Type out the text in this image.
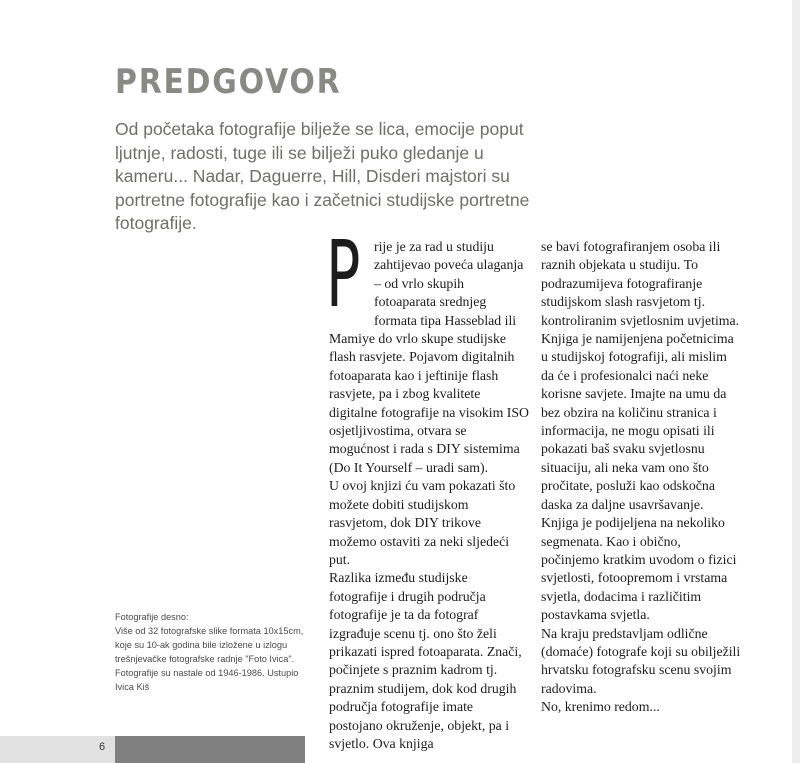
PREDGOVOR

Od početaka fotografije bilježe se lica, emocije poput ljutnje, radosti, tuge ili se bilježi puko gledanje u kameru... Nadar, Daguerre, Hill, Disderi majstori su portretne fotografije kao i začetnici studijske portretne fotografije.	Prije je za rad u studiju zahtijevao poveća ulaganja – od vrlo skupih fotoaparata srednjeg formata tipa Hasseblad ili Mamiye do vrlo skupe studijske flash rasvjete. Pojavom digitalnih fotoaparata kao i jeftinije flash rasvjete, pa i zbog kvalitete digitalne fotografije na visokim ISO osjetljivostima, otvara se mogućnost i rada s DIY sistemima (Do It Yourself – uradi sam).

U ovoj knjizi ću vam pokazati što možete dobiti studijskom rasvjetom, dok DIY trikove možemo ostaviti za neki sljedeći put.

Razlika između studijske fotografije i drugih područja fotografije je ta da fotograf izgrađuje scenu tj. ono što želi prikazati ispred fotoaparata. Znači, počinjete s praznim kadrom tj. praznim studijem, dok kod drugih područja fotografije imate postojano okruženje, objekt, pa i svjetlo. Ova knjiga

se bavi fotografiranjem osoba ili raznih objekata u studiju. To podrazumijeva fotografiranje studijskom slash rasvjetom tj. kontroliranim svjetlosnim uvjetima.

Knjiga je namijenjena početnicima u studijskoj fotografiji, ali mislim da će i profesionalci naći neke korisne savjete. Imajte na umu da bez obzira na količinu stranica i informacija, ne mogu opisati ili pokazati baš svaku svjetlosnu situaciju, ali neka vam ono što pročitate, posluži kao odskočna daska za daljne usavršavanje.

Knjiga je podijeljena na nekoliko segmenata. Kao i obično, počinjemo kratkim uvodom o fizici svjetlosti, fotoopremom i vrstama svjetla, dodacima i različitim postavkama svjetla.

Na kraju predstavljam odlične (domaće) fotografe koji su obilježili hrvatsku fotografsku scenu svojim radovima.

No, krenimo redom...

Fotografije desno:

Više od 32 fotografske slike formata 10x15cm, koje su 10-ak godina bile izložene u izlogu trešnjevačke fotografske radnje "Foto Ivica". Fotografije su nastale od 1946-1986. Ustupio Ivica Kiš

6
